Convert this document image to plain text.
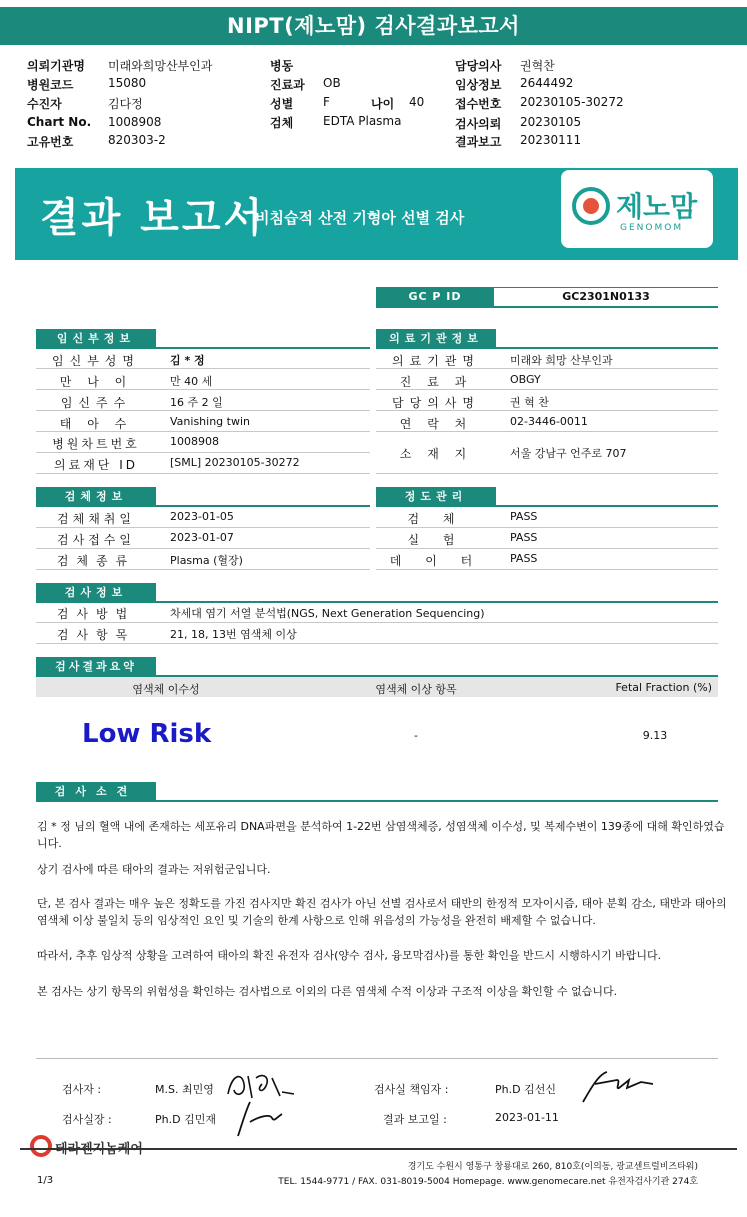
NIPT(제노맘) 검사결과보고서
의뢰기관명 미래와희망산부인과
병원코드	15080
수진자	김다정
Chart No. 1008908
고유번호	820303-2
병동
진료과 OB
성별 F	나이 40
검체 EDTA Plasma
담당의사 권혁찬
임상정보 2644492
접수번호 20230105-30272
검사의뢰 20230105
결과보고 20230111
결과 보고서
비침습적 산전 기형아 선별 검사	제노맘
GENOMOM
GC P ID	GC2301N0133
임신부정보
임신부성명	김 * 정
만 나 이	만 40 세
임신주수	16 주 2 일
태 아 수	Vanishing twin
병원차트번호	1008908
의료재단 ID	[SML] 20230105-30272
의료기관정보
의료기관명	미래와 희망 산부인과
진 료 과	OBGY
담당의사명	권 혁 찬
연 락 처	02-3446-0011
소 재 지	서울 강남구 언주로 707
검체정보
검체채취일	2023-01-05
검사접수일	2023-01-07
검체종류	Plasma (혈장)
정도관리
검 체	PASS
실 험	PASS
데 이 터	PASS
검사정보
검사방법	차세대 염기 서열 분석법(NGS, Next Generation Sequencing)
검사항목	21, 18, 13번 염색체 이상
검사결과요약
염색체 이수성	염색체 이상 항목	Fetal Fraction (%)
Low Risk	-	9.13
검사소견
김 * 정 님의 혈액 내에 존재하는 세포유리 DNA파편을 분석하여 1-22번 삼염색체증, 성염색체 이수성, 및 복제수변이 139종에 대해 확인하였습니다.
상기 검사에 따른 태아의 결과는 저위험군입니다.
단, 본 검사 결과는 매우 높은 정확도를 가진 검사지만 확진 검사가 아닌 선별 검사로서 태반의 한정적 모자이시즘, 태아 분획 감소, 태반과 태아의 염색체 이상 불일치 등의 임상적인 요인 및 기술의 한계 사항으로 인해 위음성의 가능성을 완전히 배제할 수 없습니다.
따라서, 추후 임상적 상황을 고려하여 태아의 확진 유전자 검사(양수 검사, 융모막검사)를 통한 확인을 반드시 시행하시기 바랍니다.
본 검사는 상기 항목의 위험성을 확인하는 검사법으로 이외의 다른 염색체 수적 이상과 구조적 이상을 확인할 수 없습니다.
검사자 :	M.S. 최민영	검사실 책임자 :	Ph.D 김선신
검사실장 :	Ph.D 김민재	결과 보고일 :	2023-01-11
1/3
경기도 수원시 영통구 창룡대로 260, 810호(이의동, 광교센트럴비즈타워)
TEL. 1544-9771 / FAX. 031-8019-5004 Homepage. www.genomecare.net 유전자검사기관 274호
